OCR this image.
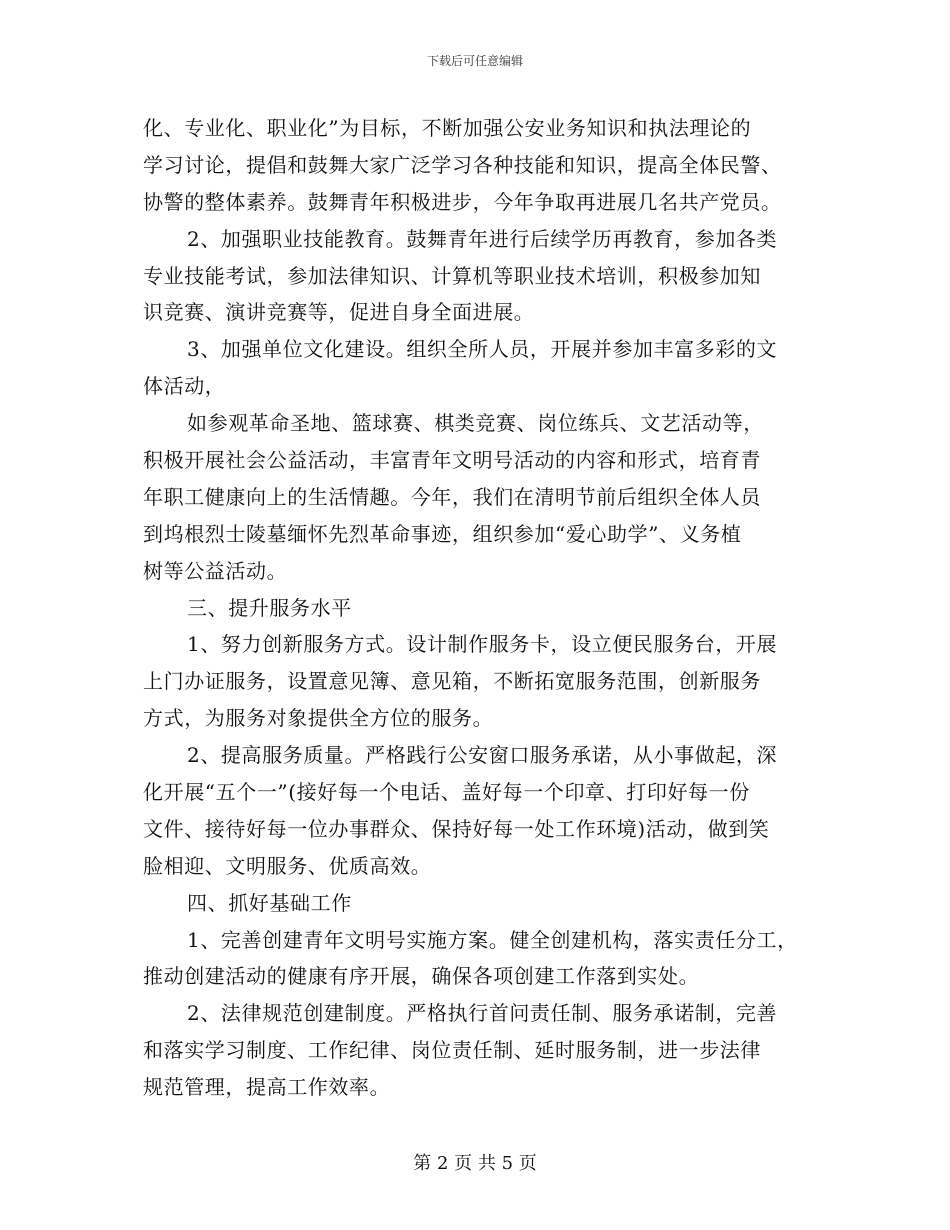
下载后可任意编辑
化、专业化、职业化”为目标，不断加强公安业务知识和执法理论的
学习讨论，提倡和鼓舞大家广泛学习各种技能和知识，提高全体民警、
协警的整体素养。鼓舞青年积极进步，今年争取再进展几名共产党员。
2、加强职业技能教育。鼓舞青年进行后续学历再教育，参加各类
专业技能考试，参加法律知识、计算机等职业技术培训，积极参加知
识竞赛、演讲竞赛等，促进自身全面进展。
3、加强单位文化建设。组织全所人员，开展并参加丰富多彩的文
体活动，
如参观革命圣地、篮球赛、棋类竞赛、岗位练兵、文艺活动等，
积极开展社会公益活动，丰富青年文明号活动的内容和形式，培育青
年职工健康向上的生活情趣。今年，我们在清明节前后组织全体人员
到坞根烈士陵墓缅怀先烈革命事迹，组织参加“爱心助学”、义务植
树等公益活动。
三、提升服务水平
1、努力创新服务方式。设计制作服务卡，设立便民服务台，开展
上门办证服务，设置意见簿、意见箱，不断拓宽服务范围，创新服务
方式，为服务对象提供全方位的服务。
2、提高服务质量。严格践行公安窗口服务承诺，从小事做起，深
化开展“五个一”(接好每一个电话、盖好每一个印章、打印好每一份
文件、接待好每一位办事群众、保持好每一处工作环境)活动，做到笑
脸相迎、文明服务、优质高效。
四、抓好基础工作
1、完善创建青年文明号实施方案。健全创建机构，落实责任分工，
推动创建活动的健康有序开展，确保各项创建工作落到实处。
2、法律规范创建制度。严格执行首问责任制、服务承诺制，完善
和落实学习制度、工作纪律、岗位责任制、延时服务制，进一步法律
规范管理，提高工作效率。
第 2 页 共 5 页
